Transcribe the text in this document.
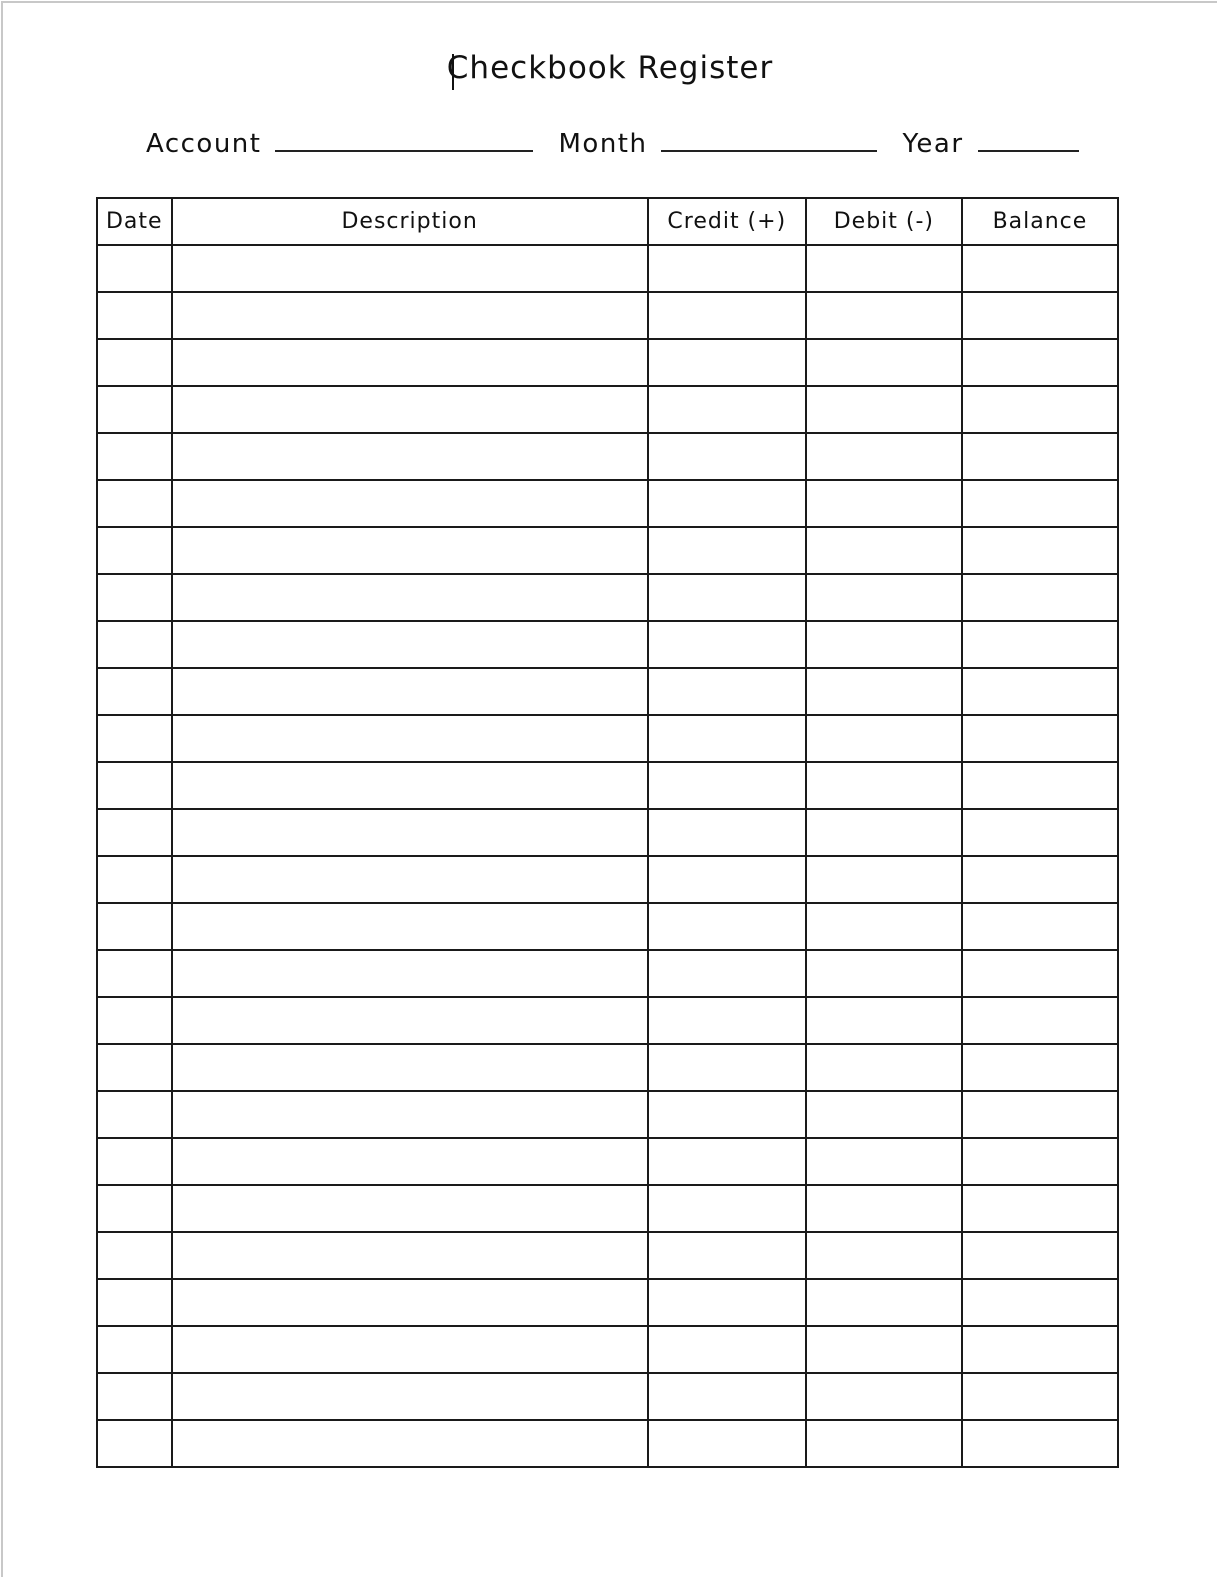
Checkbook Register
Account	Month	Year
Date	Description	Credit (+)	Debit (-)	Balance
